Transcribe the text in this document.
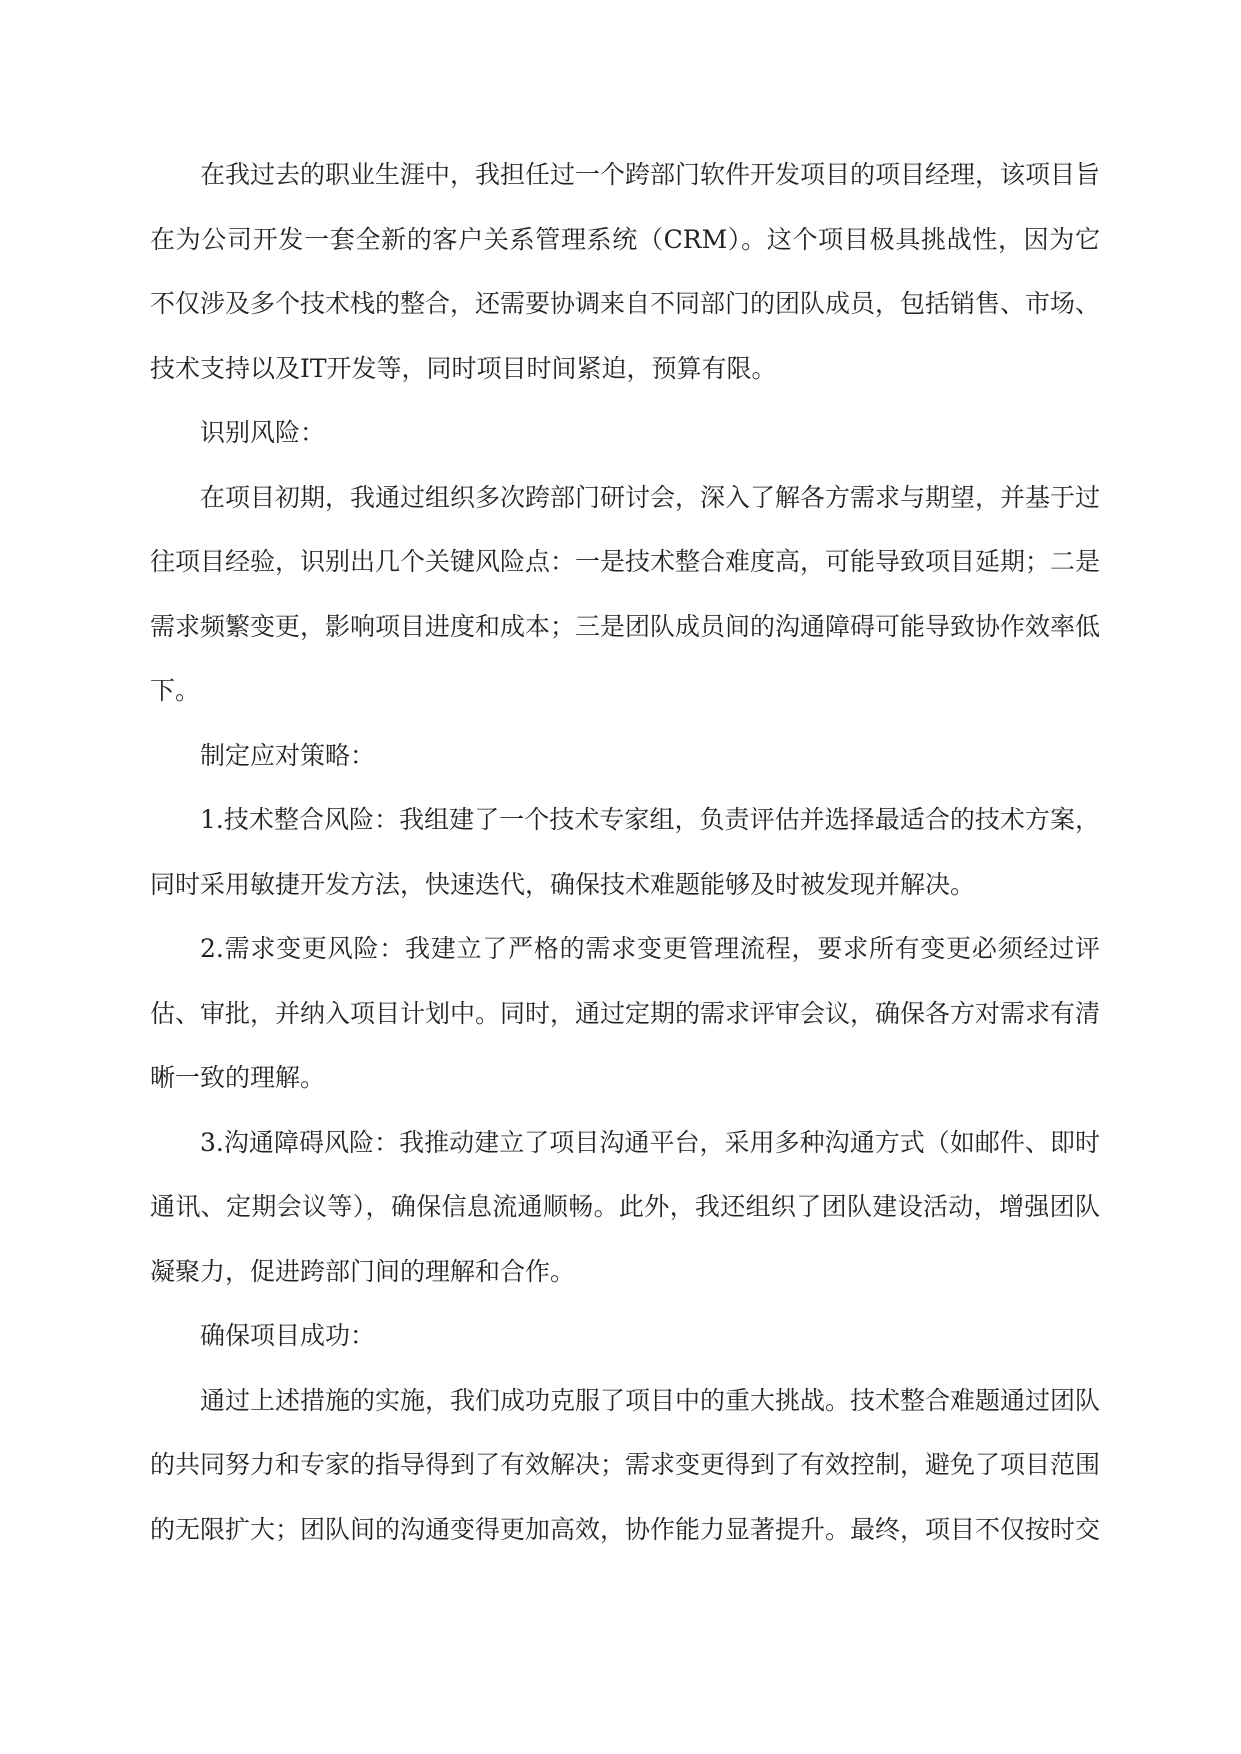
在我过去的职业生涯中，我担任过一个跨部门软件开发项目的项目经理，该项目旨在为公司开发一套全新的客户关系管理系统（CRM）。这个项目极具挑战性，因为它不仅涉及多个技术栈的整合，还需要协调来自不同部门的团队成员，包括销售、市场、技术支持以及IT开发等，同时项目时间紧迫，预算有限。

识别风险：

在项目初期，我通过组织多次跨部门研讨会，深入了解各方需求与期望，并基于过往项目经验，识别出几个关键风险点：一是技术整合难度高，可能导致项目延期；二是需求频繁变更，影响项目进度和成本；三是团队成员间的沟通障碍可能导致协作效率低下。

制定应对策略：

1.技术整合风险：我组建了一个技术专家组，负责评估并选择最适合的技术方案，同时采用敏捷开发方法，快速迭代，确保技术难题能够及时被发现并解决。

2.需求变更风险：我建立了严格的需求变更管理流程，要求所有变更必须经过评估、审批，并纳入项目计划中。同时，通过定期的需求评审会议，确保各方对需求有清晰一致的理解。

3.沟通障碍风险：我推动建立了项目沟通平台，采用多种沟通方式（如邮件、即时通讯、定期会议等），确保信息流通顺畅。此外，我还组织了团队建设活动，增强团队凝聚力，促进跨部门间的理解和合作。

确保项目成功：

通过上述措施的实施，我们成功克服了项目中的重大挑战。技术整合难题通过团队的共同努力和专家的指导得到了有效解决；需求变更得到了有效控制，避免了项目范围的无限扩大；团队间的沟通变得更加高效，协作能力显著提升。最终，项目不仅按时交
